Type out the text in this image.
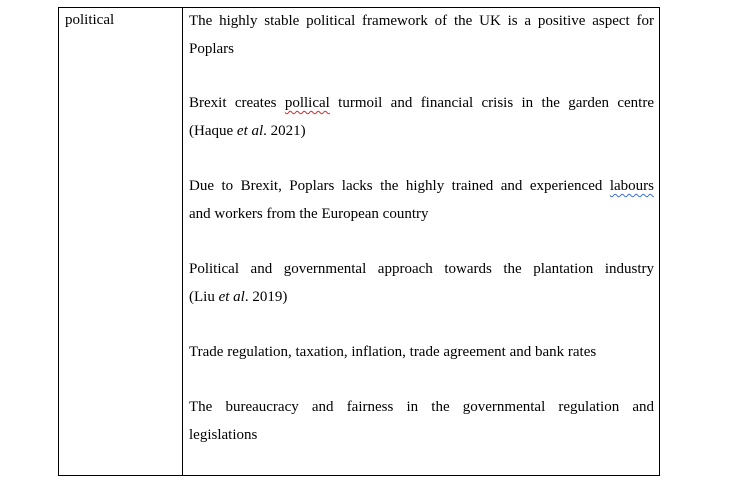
political	The highly stable political framework of the UK is a positive aspect for
Poplars
Brexit creates pollical turmoil and financial crisis in the garden centre
(Haque et al. 2021)
Due to Brexit, Poplars lacks the highly trained and experienced labours
and workers from the European country
Political and governmental approach towards the plantation industry
(Liu et al. 2019)
Trade regulation, taxation, inflation, trade agreement and bank rates
The bureaucracy and fairness in the governmental regulation and
legislations
